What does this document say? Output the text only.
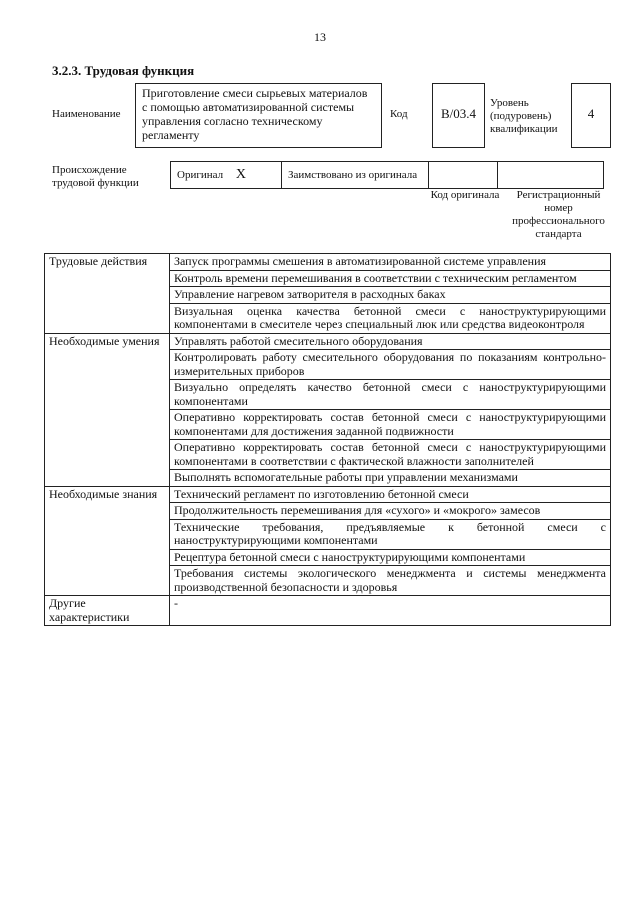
13
3.2.3. Трудовая функция
Наименование
Приготовление смеси сырьевых материалов с помощью автоматизированной системы управления согласно техническому регламенту
Код	B/03.4
Уровень (подуровень) квалификации
4
Происхождение трудовой функции
Оригинал X	Заимствовано из оригинала		
Код оригинала	Регистрационный номер профессионального стандарта
Трудовые действия	Запуск программы смешения в автоматизированной системе управления
	Контроль времени перемешивания в соответствии с техническим регламентом
	Управление нагревом затворителя в расходных баках
	Визуальная оценка качества бетонной смеси с наноструктурирующими компонентами в смесителе через специальный люк или средства видеоконтроля
Необходимые умения	Управлять работой смесительного оборудования
	Контролировать работу смесительного оборудования по показаниям контрольно-измерительных приборов
	Визуально определять качество бетонной смеси с наноструктурирующими компонентами
	Оперативно корректировать состав бетонной смеси с наноструктурирующими компонентами для достижения заданной подвижности
	Оперативно корректировать состав бетонной смеси с наноструктурирующими компонентами в соответствии с фактической влажности заполнителей
	Выполнять вспомогательные работы при управлении механизмами
Необходимые знания	Технический регламент по изготовлению бетонной смеси
	Продолжительность перемешивания для «сухого» и «мокрого» замесов
	Технические требования, предъявляемые к бетонной смеси с наноструктурирующими компонентами
	Рецептура бетонной смеси с наноструктурирующими компонентами
	Требования системы экологического менеджмента и системы менеджмента производственной безопасности и здоровья
Другие характеристики	-
